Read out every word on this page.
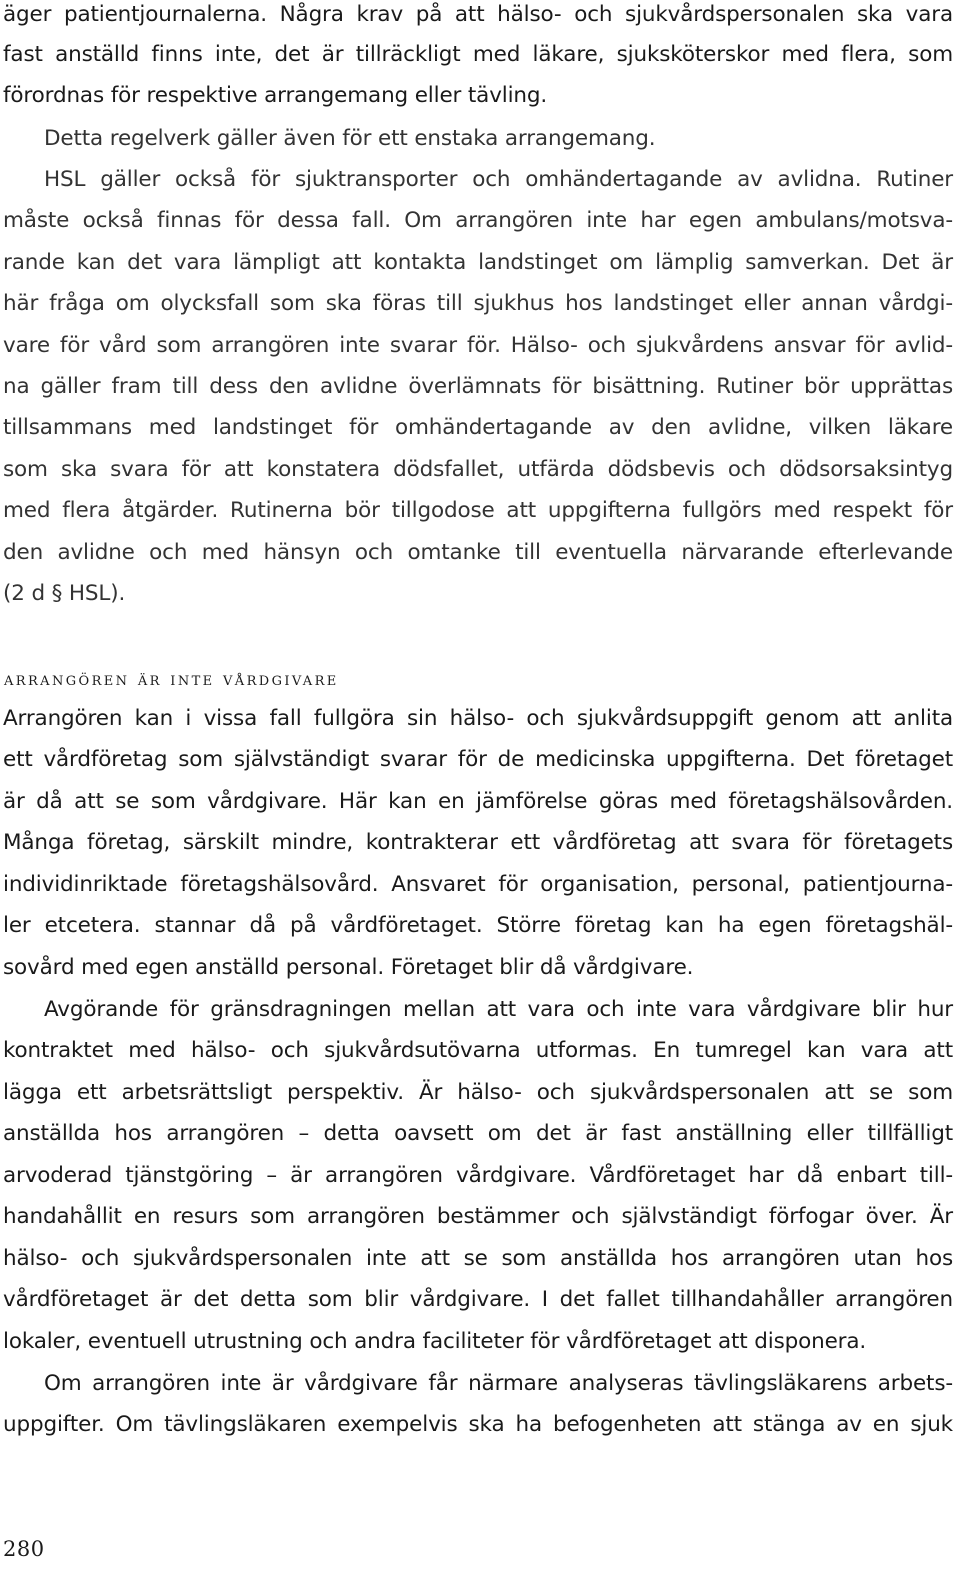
äger patientjournalerna. Några krav på att hälso- och sjukvårdspersonalen ska vara
fast anställd finns inte, det är tillräckligt med läkare, sjuksköterskor med flera, som
förordnas för respektive arrangemang eller tävling.
Detta regelverk gäller även för ett enstaka arrangemang.
HSL gäller också för sjuktransporter och omhändertagande av avlidna. Rutiner
måste också finnas för dessa fall. Om arrangören inte har egen ambulans/motsva-
rande kan det vara lämpligt att kontakta landstinget om lämplig samverkan. Det är
här fråga om olycksfall som ska föras till sjukhus hos landstinget eller annan vårdgi-
vare för vård som arrangören inte svarar för. Hälso- och sjukvårdens ansvar för avlid-
na gäller fram till dess den avlidne överlämnats för bisättning. Rutiner bör upprättas
tillsammans med landstinget för omhändertagande av den avlidne, vilken läkare
som ska svara för att konstatera dödsfallet, utfärda dödsbevis och dödsorsaksintyg
med flera åtgärder. Rutinerna bör tillgodose att uppgifterna fullgörs med respekt för
den avlidne och med hänsyn och omtanke till eventuella närvarande efterlevande
(2 d § HSL).
arrangören är inte vårdgivare
Arrangören kan i vissa fall fullgöra sin hälso- och sjukvårdsuppgift genom att anlita
ett vårdföretag som självständigt svarar för de medicinska uppgifterna. Det företaget
är då att se som vårdgivare. Här kan en jämförelse göras med företagshälsovården.
Många företag, särskilt mindre, kontrakterar ett vårdföretag att svara för företagets
individinriktade företagshälsovård. Ansvaret för organisation, personal, patientjourna-
ler etcetera. stannar då på vårdföretaget. Större företag kan ha egen företagshäl-
sovård med egen anställd personal. Företaget blir då vårdgivare.
Avgörande för gränsdragningen mellan att vara och inte vara vårdgivare blir hur
kontraktet med hälso- och sjukvårdsutövarna utformas. En tumregel kan vara att
lägga ett arbetsrättsligt perspektiv. Är hälso- och sjukvårdspersonalen att se som
anställda hos arrangören – detta oavsett om det är fast anställning eller tillfälligt
arvoderad tjänstgöring – är arrangören vårdgivare. Vårdföretaget har då enbart till-
handahållit en resurs som arrangören bestämmer och självständigt förfogar över. Är
hälso- och sjukvårdspersonalen inte att se som anställda hos arrangören utan hos
vårdföretaget är det detta som blir vårdgivare. I det fallet tillhandahåller arrangören
lokaler, eventuell utrustning och andra faciliteter för vårdföretaget att disponera.
Om arrangören inte är vårdgivare får närmare analyseras tävlingsläkarens arbets-
uppgifter. Om tävlingsläkaren exempelvis ska ha befogenheten att stänga av en sjuk
280
